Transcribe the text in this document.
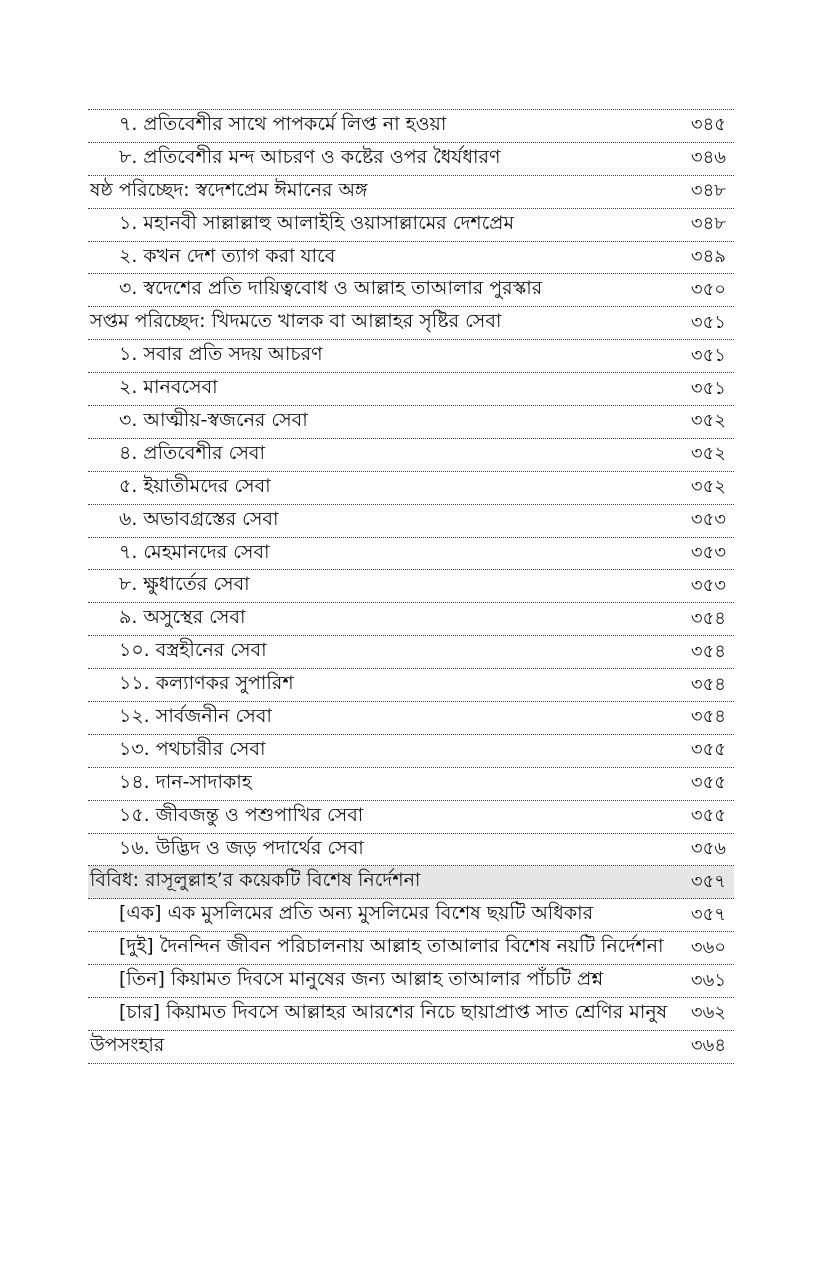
৭. প্রতিবেশীর সাথে পাপকর্মে লিপ্ত না হওয়া	৩৪৫
৮. প্রতিবেশীর মন্দ আচরণ ও কষ্টের ওপর ধৈর্যধারণ	৩৪৬
ষষ্ঠ পরিচ্ছেদ: স্বদেশপ্রেম ঈমানের অঙ্গ	৩৪৮
১. মহানবী সাল্লাল্লাহু আলাইহি ওয়াসাল্লামের দেশপ্রেম	৩৪৮
২. কখন দেশ ত্যাগ করা যাবে	৩৪৯
৩. স্বদেশের প্রতি দায়িত্ববোধ ও আল্লাহ তাআলার পুরস্কার	৩৫০
সপ্তম পরিচ্ছেদ: খিদমতে খালক বা আল্লাহর সৃষ্টির সেবা	৩৫১
১. সবার প্রতি সদয় আচরণ	৩৫১
২. মানবসেবা	৩৫১
৩. আত্মীয়-স্বজনের সেবা	৩৫২
৪. প্রতিবেশীর সেবা	৩৫২
৫. ইয়াতীমদের সেবা	৩৫২
৬. অভাবগ্রস্তের সেবা	৩৫৩
৭. মেহমানদের সেবা	৩৫৩
৮. ক্ষুধার্তের সেবা	৩৫৩
৯. অসুস্থের সেবা	৩৫৪
১০. বস্ত্রহীনের সেবা	৩৫৪
১১. কল্যাণকর সুপারিশ	৩৫৪
১২. সার্বজনীন সেবা	৩৫৪
১৩. পথচারীর সেবা	৩৫৫
১৪. দান-সাদাকাহ	৩৫৫
১৫. জীবজন্তু ও পশুপাখির সেবা	৩৫৫
১৬. উদ্ভিদ ও জড় পদার্থের সেবা	৩৫৬
বিবিধ: রাসূলুল্লাহ’র কয়েকটি বিশেষ নির্দেশনা	৩৫৭
[এক] এক মুসলিমের প্রতি অন্য মুসলিমের বিশেষ ছয়টি অধিকার	৩৫৭
[দুই] দৈনন্দিন জীবন পরিচালনায় আল্লাহ তাআলার বিশেষ নয়টি নির্দেশনা	৩৬০
[তিন] কিয়ামত দিবসে মানুষের জন্য আল্লাহ তাআলার পাঁচটি প্রশ্ন	৩৬১
[চার] কিয়ামত দিবসে আল্লাহর আরশের নিচে ছায়াপ্রাপ্ত সাত শ্রেণির মানুষ	৩৬২
উপসংহার	৩৬৪
